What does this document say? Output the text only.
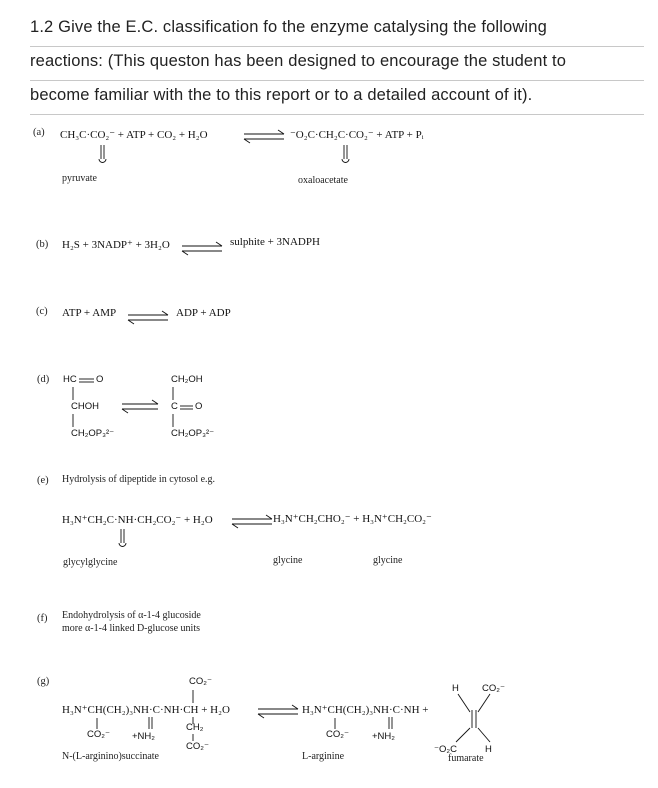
1.2 Give the E.C. classification fo the enzyme catalysing the following
reactions: (This queston has been designed to encourage the student to
become familiar with the to this report or to a detailed account of it).
(a) CH₃C·CO₂⁻ + ATP + CO₂ + H₂O ⇌ ⁻O₂C·CH₂C·CO₂⁻ + ATP + Pᵢ
pyruvate	oxaloacetate
(b) H₂S + 3NADP⁺ + 3H₂O ⇌
sulphite + 3NADPH
(c) ATP + AMP ⇌ ADP + ADP
(d) HC O
CHOH
CH₂OP₃²⁻
CH₂OH
C O
CH₂OP₃²⁻
(e) Hydrolysis of dipeptide in cytosol e.g.
H₃N⁺CH₂C·NH·CH₂CO₂⁻ + H₂O ⇌ H₃N⁺CH₂CHO₂⁻ + H₃N⁺CH₂CO₂⁻
glycylglycine	glycine	glycine
(f) Endohydrolysis of α-1-4 glucoside
more α-1-4 linked D-glucose units
(g)	CO₂⁻
H₃N⁺CH(CH₂)₃NH·C·NH·CH + H₂O ⇌ H₃N⁺CH(CH₂)₃NH·C·NH +
CO₂⁻ +NH₂
CH₂
CO₂⁻
CO₂⁻ +NH₂
H CO₂⁻
⁻O₂C	H
N-(L-arginino)succinate	L-arginine	fumarate
